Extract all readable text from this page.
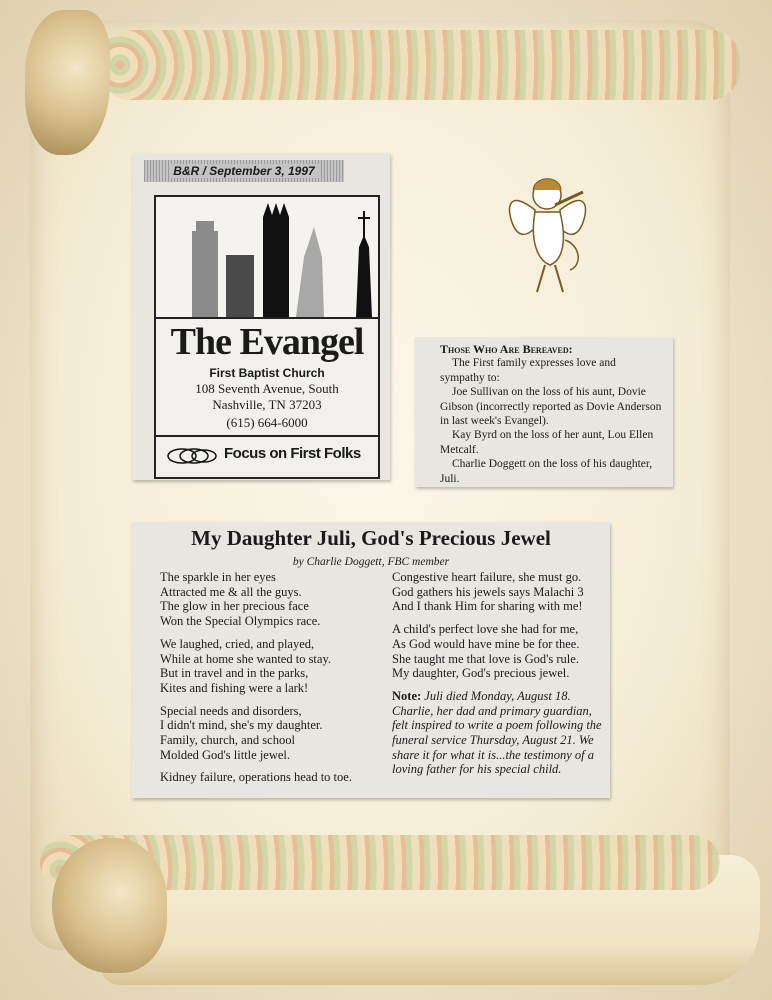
B&R / September 3, 1997
The Evangel
First Baptist Church
108 Seventh Avenue, South
Nashville, TN 37203
(615) 664-6000
Focus on First Folks
Those Who Are Bereaved:

The First family expresses love and sympathy to:

Joe Sullivan on the loss of his aunt, Dovie Gibson (incorrectly reported as Dovie Anderson in last week's Evangel).

Kay Byrd on the loss of her aunt, Lou Ellen Metcalf.

Charlie Doggett on the loss of his daughter, Juli.

My Daughter Juli, God's Precious Jewel
by Charlie Doggett, FBC member
The sparkle in her eyes
Attracted me & all the guys.
The glow in her precious face
Won the Special Olympics race.
We laughed, cried, and played,
While at home she wanted to stay.
But in travel and in the parks,
Kites and fishing were a lark!
Special needs and disorders,
I didn't mind, she's my daughter.
Family, church, and school
Molded God's little jewel.
Kidney failure, operations head to toe.
Congestive heart failure, she must go.
God gathers his jewels says Malachi 3
And I thank Him for sharing with me!
A child's perfect love she had for me,
As God would have mine be for thee.
She taught me that love is God's rule.
My daughter, God's precious jewel.
Note: Juli died Monday, August 18. Charlie, her dad and primary guardian, felt inspired to write a poem following the funeral service Thursday, August 21. We share it for what it is...the testimony of a loving father for his special child.
